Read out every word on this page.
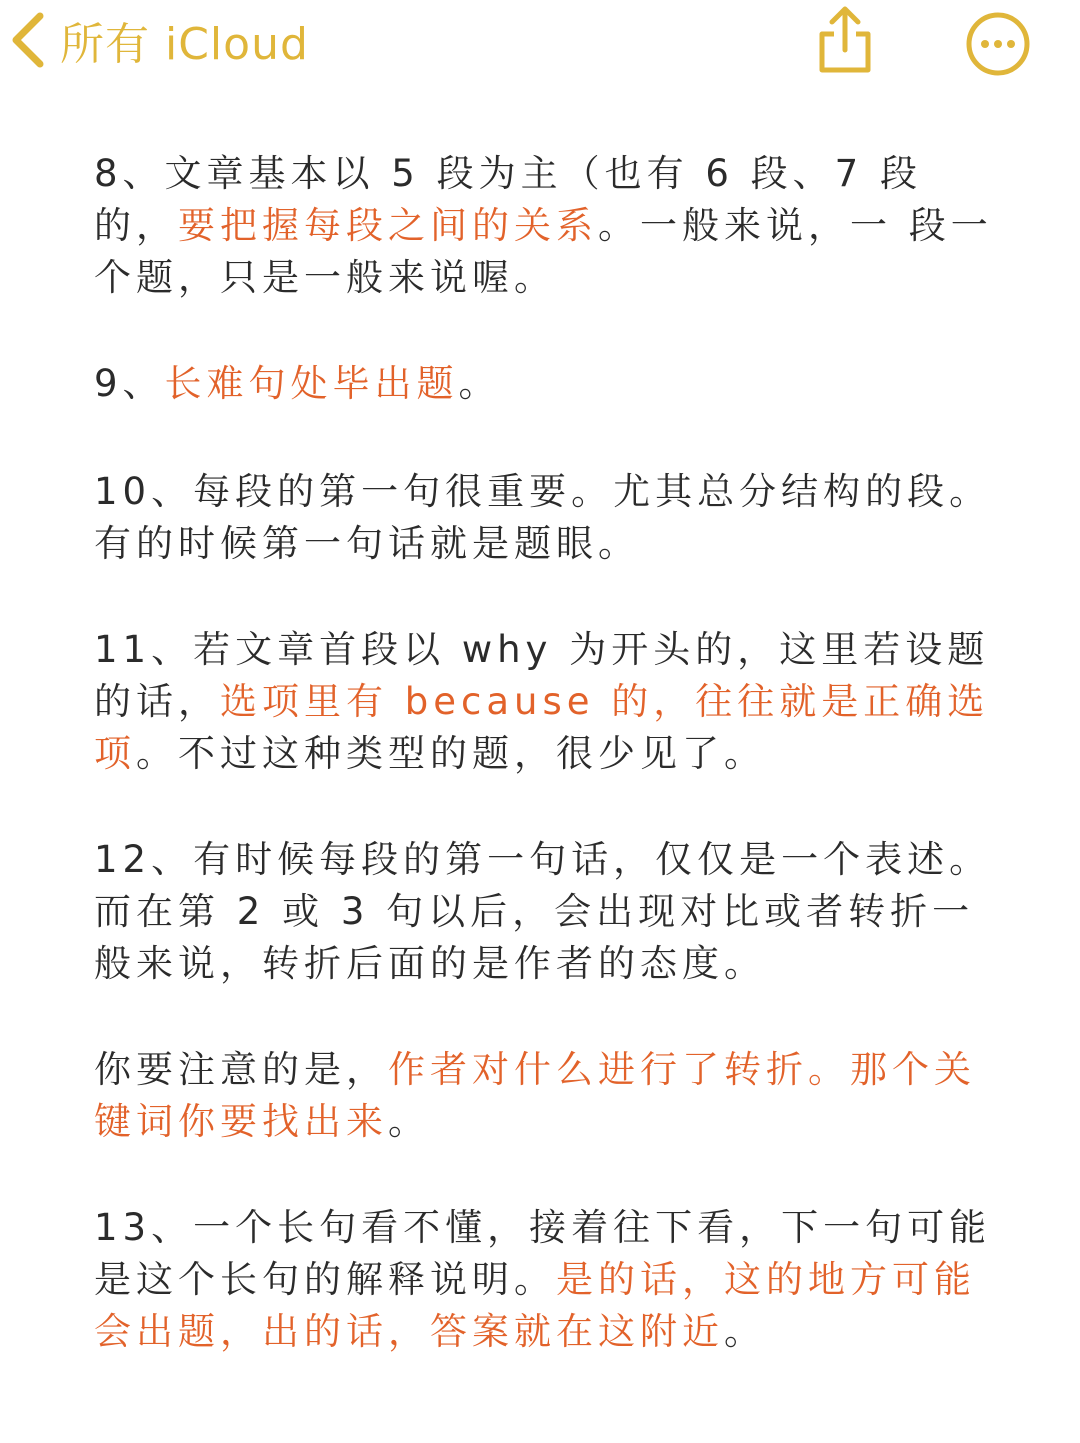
所有 iCloud

8、文章基本以 5 段为主（也有 6 段、7 段的，要把握每段之间的关系。一般来说，一 段一个题，只是一般来说喔。

9、长难句处毕出题。

10、每段的第一句很重要。尤其总分结构的段。有的时候第一句话就是题眼。

11、若文章首段以 why 为开头的，这里若设题的话，选项里有 because 的，往往就是正确选项。不过这种类型的题，很少见了。

12、有时候每段的第一句话，仅仅是一个表述。而在第 2 或 3 句以后，会出现对比或者转折一般来说，转折后面的是作者的态度。

你要注意的是，作者对什么进行了转折。那个关键词你要找出来。

13、一个长句看不懂，接着往下看，下一句可能是这个长句的解释说明。是的话，这的地方可能会出题，出的话，答案就在这附近。
